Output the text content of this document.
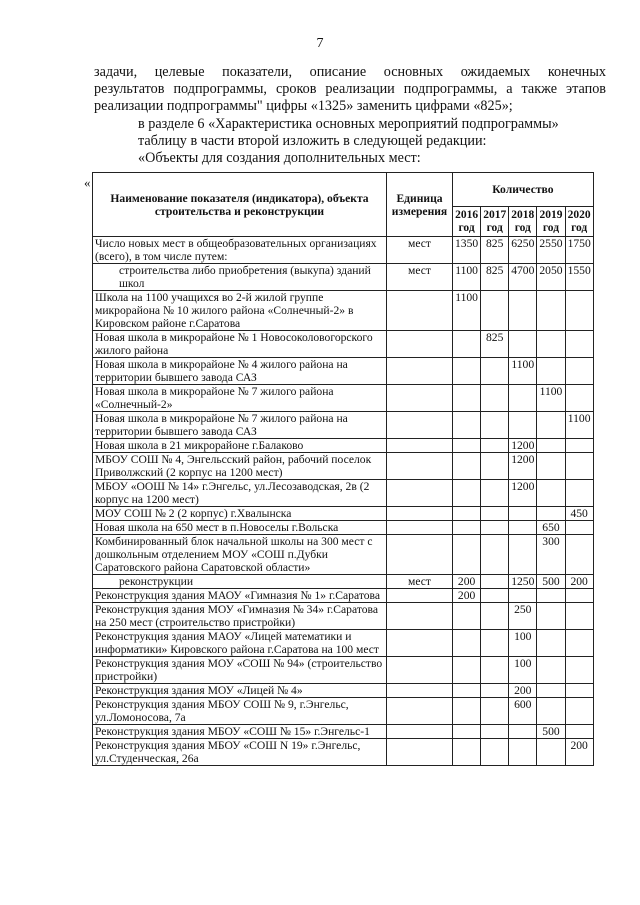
7

задачи, целевые показатели, описание основных ожидаемых конечных

результатов подпрограммы, сроков реализации подпрограммы, а также этапов

реализации подпрограммы" цифры «1325» заменить цифрами «825»;

в разделе 6 «Характеристика основных мероприятий подпрограммы»

таблицу в части второй изложить в следующей редакции:

«Объекты для создания дополнительных мест:

«
Наименование показателя (индикатора), объекта строительства и реконструкции	Единица измерения	Количество				
		2016 год	2017 год	2018 год	2019 год	2020 год
Число новых мест в общеобразовательных организациях (всего), в том числе путем:	мест	1350	825	6250	2550	1750
строительства либо приобретения (выкупа) зданий школ	мест	1100	825	4700	2050	1550
Школа на 1100 учащихся во 2-й жилой группе микрорайона № 10 жилого района «Солнечный-2» в Кировском районе г.Саратова		1100				
Новая школа в микрорайоне № 1 Новосоколовогорского жилого района			825			
Новая школа в микрорайоне № 4 жилого района на территории бывшего завода САЗ				1100		
Новая школа в микрорайоне № 7 жилого района «Солнечный-2»					1100	
Новая школа в микрорайоне № 7 жилого района на территории бывшего завода САЗ						1100
Новая школа в 21 микрорайоне г.Балаково				1200		
МБОУ СОШ № 4, Энгельсский район, рабочий поселок Приволжский (2 корпус на 1200 мест)				1200		
МБОУ «ООШ № 14» г.Энгельс, ул.Лесозаводская, 2в (2 корпус на 1200 мест)				1200		
МОУ СОШ № 2 (2 корпус) г.Хвалынска						450
Новая школа на 650 мест в п.Новоселы г.Вольска					650	
Комбинированный блок начальной школы на 300 мест с дошкольным отделением МОУ «СОШ п.Дубки Саратовского района Саратовской области»					300	
реконструкции	мест	200		1250	500	200
Реконструкция здания МАОУ «Гимназия № 1» г.Саратова		200				
Реконструкция здания МОУ «Гимназия № 34» г.Саратова на 250 мест (строительство пристройки)				250		
Реконструкция здания МАОУ «Лицей математики и информатики» Кировского района г.Саратова на 100 мест				100		
Реконструкция здания МОУ «СОШ № 94» (строительство пристройки)				100		
Реконструкция здания МОУ «Лицей № 4»				200		
Реконструкция здания МБОУ СОШ № 9, г.Энгельс, ул.Ломоносова, 7а				600		
Реконструкция здания МБОУ «СОШ № 15» г.Энгельс-1					500	
Реконструкция здания МБОУ «СОШ N 19» г.Энгельс, ул.Студенческая, 26а						200
